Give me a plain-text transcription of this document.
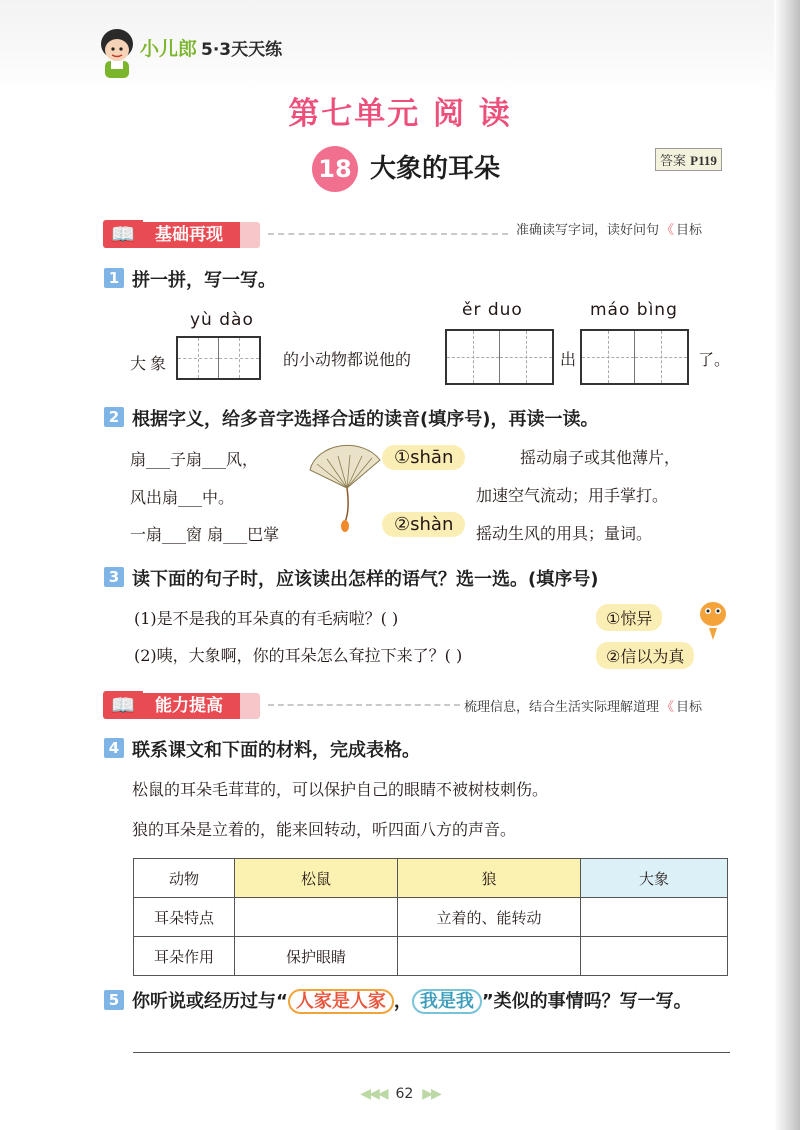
小儿郎 5·3天天练
第七单元 阅 读
18 大象的耳朵	答案 P119
📖	基础再现	准确读写字词，读好问句 《 目标
1 拼一拼，写一写。
yù dào	ěr duo	máo bìng
大象	的小动物都说他的	出	了。
2 根据字义，给多音字选择合适的读音(填序号)，再读一读。
扇___子扇___风，
风出扇___中。
一扇___窗 扇___巴掌
①shān
②shàn
摇动扇子或其他薄片，
加速空气流动；用手掌打。
摇动生风的用具；量词。
3 读下面的句子时，应该读出怎样的语气？选一选。(填序号)
(1)是不是我的耳朵真的有毛病啦？( )
(2)咦，大象啊，你的耳朵怎么耷拉下来了？( )
①惊异
②信以为真
📖	能力提高	梳理信息，结合生活实际理解道理 《 目标
4 联系课文和下面的材料，完成表格。
松鼠的耳朵毛茸茸的，可以保护自己的眼睛不被树枝刺伤。
狼的耳朵是立着的，能来回转动，听四面八方的声音。
动物	松鼠	狼	大象
耳朵特点		立着的、能转动	
耳朵作用	保护眼睛		
5 你听说或经历过与“ 人家是人家 ， 我是我 ”类似的事情吗？写一写。
◀◀◀ 62 ▶▶
